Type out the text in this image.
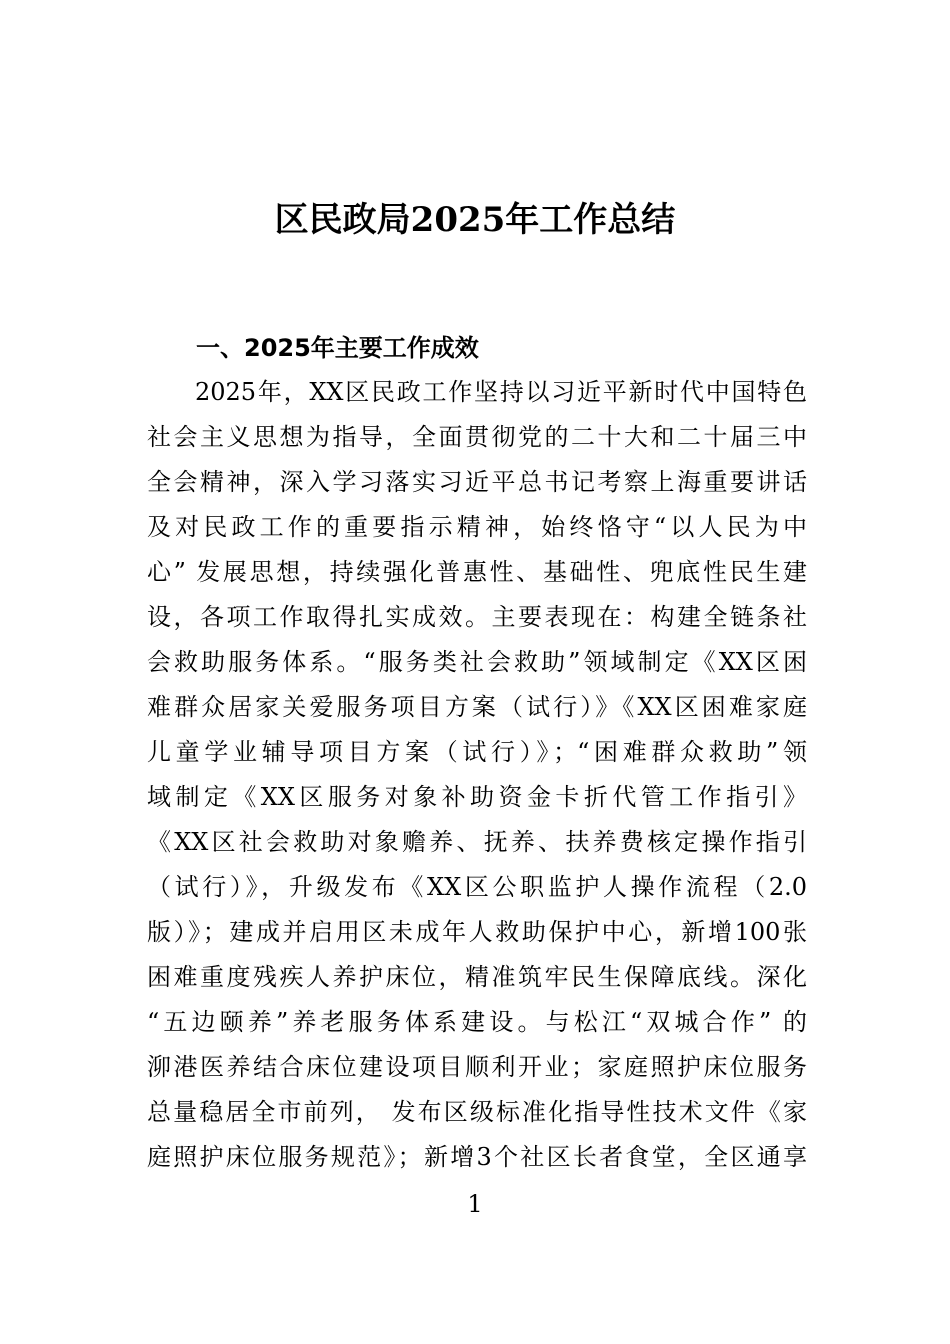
区民政局2025年工作总结
一、2025年主要工作成效
2025年，XX区民政工作坚持以习近平新时代中国特色
社会主义思想为指导，全面贯彻党的二十大和二十届三中
全会精神，深入学习落实习近平总书记考察上海重要讲话
及对民政工作的重要指示精神，始终恪守“以人民为中
心” 发展思想，持续强化普惠性、基础性、兜底性民生建
设，各项工作取得扎实成效。主要表现在：构建全链条社
会救助服务体系。“服务类社会救助”领域制定《XX区困
难群众居家关爱服务项目方案（试行）》《XX区困难家庭
儿童学业辅导项目方案（试行）》；“困难群众救助”领
域制定《XX区服务对象补助资金卡折代管工作指引》
《XX区社会救助对象赡养、抚养、扶养费核定操作指引
（试行）》，升级发布《XX区公职监护人操作流程（2.0
版）》；建成并启用区未成年人救助保护中心，新增100张
困难重度残疾人养护床位，精准筑牢民生保障底线。深化
“五边颐养”养老服务体系建设。与松江“双城合作” 的
泖港医养结合床位建设项目顺利开业；家庭照护床位服务
总量稳居全市前列， 发布区级标准化指导性技术文件《家
庭照护床位服务规范》；新增3个社区长者食堂，全区通享
1
